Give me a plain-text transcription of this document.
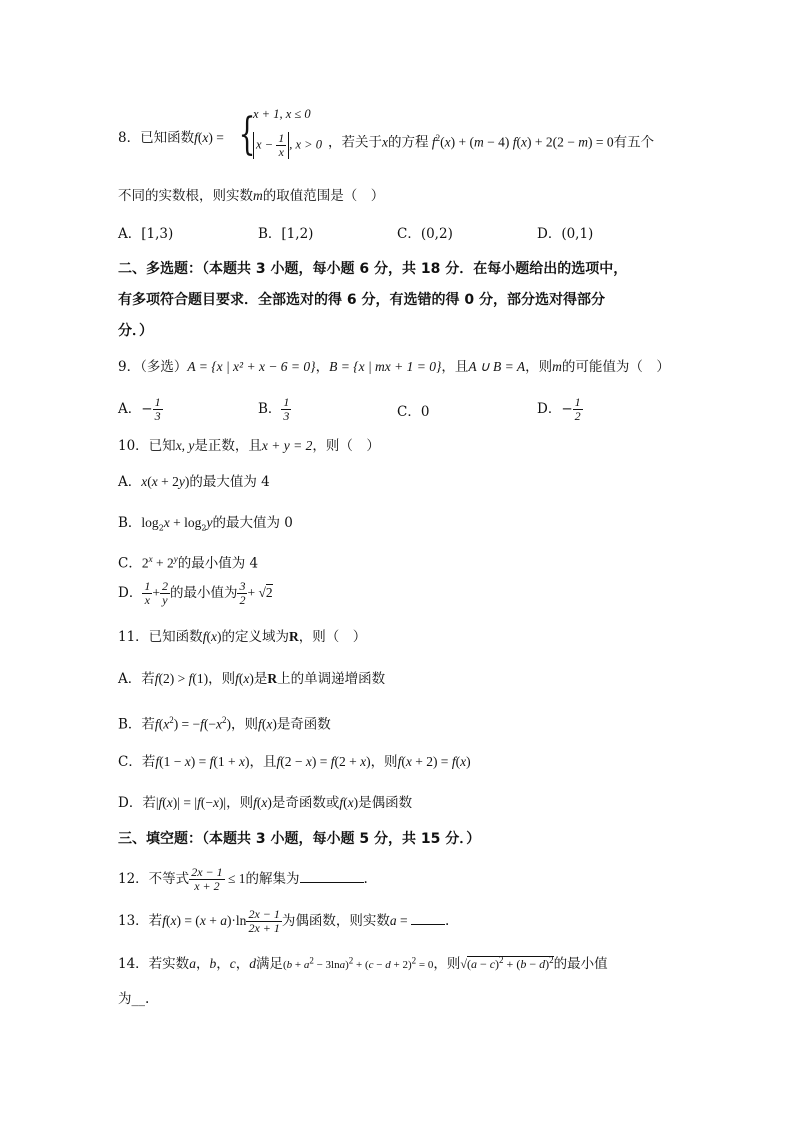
8．已知函数f(x) = {
x + 1, x ≤ 0
$x - \frac{1}{x}$ , x > 0 ，若关于x的方程 $f^2(x) + (m - 4) f(x) + 2(2 - m) = 0$有五个
不同的实数根，则实数m的取值范围是（　）
A．[1,3)	B．[1,2)	C．(0,2)	D．(0,1)
二、多选题：（本题共 3 小题，每小题 6 分，共 18 分．在每小题给出的选项中，
有多项符合题目要求．全部选对的得 6 分，有选错的得 0 分，部分选对得部分
分．）
9．（多选）A = {x | x² + x − 6 = 0}，B = {x | mx + 1 = 0}，且A ∪ B = A，则m的可能值为（　）
A．− $\frac{1}{3}$	B． $\frac{1}{3}$	C．0	D．− $\frac{1}{2}$
10．已知x, y是正数，且x + y = 2，则（　）
A．x(x + 2y)的最大值为 4
B．$\log_2x + \log_2y$的最大值为 0
C．$2^x + 2^y$的最小值为 4
D． $\frac{1}{x} + \frac{2}{y}$ 的最小值为 $\frac{3}{2} + √2$
11．已知函数f(x)的定义域为R，则（　）
A．若f(2) > f(1)，则f(x)是R上的单调递增函数
B．若$f(x^2) = -f(-x^2)$，则f(x)是奇函数
C．若f(1 − x) = f(1 + x)，且f(2 − x) = f(2 + x)，则f(x + 2) = f(x)
D．若|f(x)| = |f(−x)|，则f(x)是奇函数或f(x)是偶函数
三、填空题：（本题共 3 小题，每小题 5 分，共 15 分．）
12．不等式 $\frac{2x - 1}{x + 2} \le 1$的解集为	.
13．若$f(x) = (x + a)\cdot\ln \frac{2x - 1}{2x + 1}$ 为偶函数，则实数a =	.
14．若实数a，b，c，d满足$(b + a^2 - 3\ln a)^2 + (c - d + 2)^2 = 0$，则$√(a - c)^2 + (b - d)^2$的最小值
为__.
